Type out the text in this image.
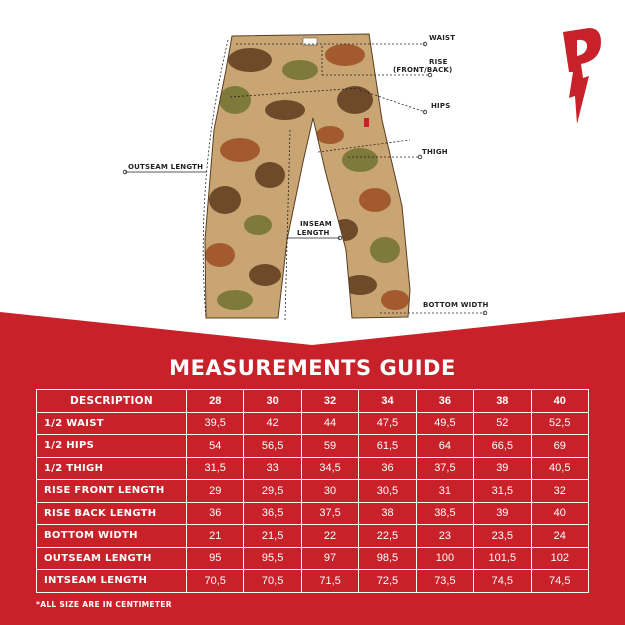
WAIST
RISE
(FRONT/BACK)
HIPS
THIGH
OUTSEAM LENGTH
INSEAM
LENGTH
BOTTOM WIDTH
MEASUREMENTS GUIDE
DESCRIPTION	28	30	32	34	36	38	40
1/2 WAIST	39,5	42	44	47,5	49,5	52	52,5
1/2 HIPS	54	56,5	59	61,5	64	66,5	69
1/2 THIGH	31,5	33	34,5	36	37,5	39	40,5
RISE FRONT LENGTH	29	29,5	30	30,5	31	31,5	32
RISE BACK LENGTH	36	36,5	37,5	38	38,5	39	40
BOTTOM WIDTH	21	21,5	22	22,5	23	23,5	24
OUTSEAM LENGTH	95	95,5	97	98,5	100	101,5	102
INTSEAM LENGTH	70,5	70,5	71,5	72,5	73,5	74,5	74,5
*ALL SIZE ARE IN CENTIMETER
